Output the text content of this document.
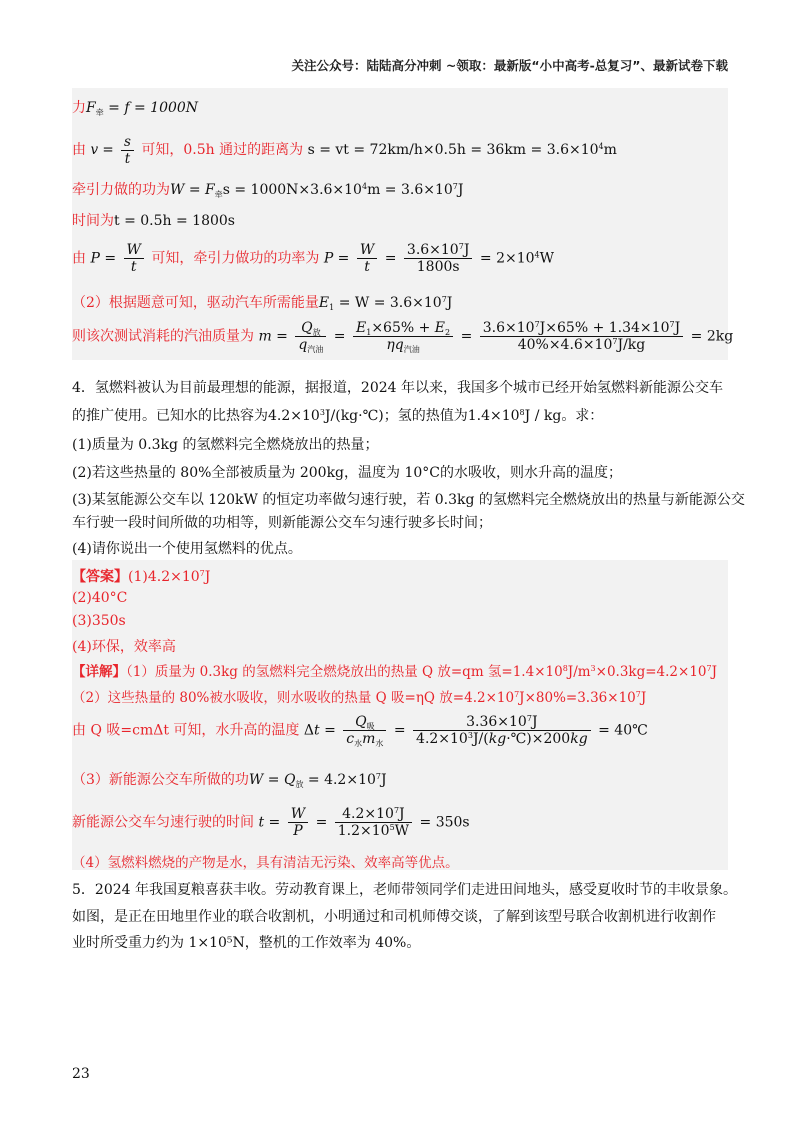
关注公众号：陆陆高分冲刺 ~领取：最新版“小中高考-总复习”、最新试卷下载
力$F_牵 = f = 1000N$
由 $v = \frac{s}{t}$ 可知，0.5h 通过的距离为 s = vt = $72km/h\times 0.5h = 36km = 3.6\times 10^4m$
牵引力做的功为$W = F_牵s = 1000N\times 3.6\times 10^4m = 3.6\times 10^7J$
时间为t = 0.5h = 1800s
由 $P = \frac{W}{t}$ 可知，牵引力做功的功率为 $P = \frac{W}{t} = \frac{3.6\times 10^7J}{1800s} = 2\times 10^4W$
（2）根据题意可知，驱动汽车所需能量$E_1 = W = 3.6\times 10^7J$
则该次测试消耗的汽油质量为 $m = \frac{Q_放}{q_{汽油}} = \frac{E_1\times 65\% + E_2}{\eta q_{汽油}} = \frac{3.6\times 10^7J\times 65\% + 1.34\times 10^7J}{40\%\times 4.6\times 10^7J/kg} = 2kg$
4．氢燃料被认为目前最理想的能源，据报道，2024 年以来，我国多个城市已经开始氢燃料新能源公交车
的推广使用。已知水的比热容为$4.2\times 10^3J/(kg\cdot℃)$；氢的热值为$1.4\times 10^8J$ / kg。求：
(1)质量为 0.3kg 的氢燃料完全燃烧放出的热量；
(2)若这些热量的 80%全部被质量为 200kg，温度为 10°C的水吸收，则水升高的温度；
(3)某氢能源公交车以 120kW 的恒定功率做匀速行驶，若 0.3kg 的氢燃料完全燃烧放出的热量与新能源公交
车行驶一段时间所做的功相等，则新能源公交车匀速行驶多长时间；
(4)请你说出一个使用氢燃料的优点。
【答案】$(1)4.2\times 10^7J$
(2)40°C
(3)350s
(4)环保，效率高
【详解】（1）质量为 0.3kg 的氢燃料完全燃烧放出的热量 Q 放=qm 氢$=1.4\times 10^8J/m^3\times 0.3kg=4.2\times 10^7J$
（2）这些热量的 80%被水吸收，则水吸收的热量 Q 吸=ηQ 放$=4.2\times 10^7J\times 80\%=3.36\times 10^7J$
由 Q 吸=cmΔt 可知，水升高的温度 $\Delta t = \frac{Q_吸}{c_水m_水} = \frac{3.36\times 10^7J}{4.2\times 10^3J/(kg\cdot℃)\times 200kg}$ = 40℃
（3）新能源公交车所做的功$W = Q_放 = 4.2\times 10^7J$
新能源公交车匀速行驶的时间 $t = \frac{W}{P} = \frac{4.2\times 10^7J}{1.2\times 10^5W} = 350s$
（4）氢燃料燃烧的产物是水，具有清洁无污染、效率高等优点。
5．2024 年我国夏粮喜获丰收。劳动教育课上，老师带领同学们走进田间地头，感受夏收时节的丰收景象。
如图，是正在田地里作业的联合收割机，小明通过和司机师傅交谈，了解到该型号联合收割机进行收割作
业时所受重力约为 1×10⁵N，整机的工作效率为 40%。
23
